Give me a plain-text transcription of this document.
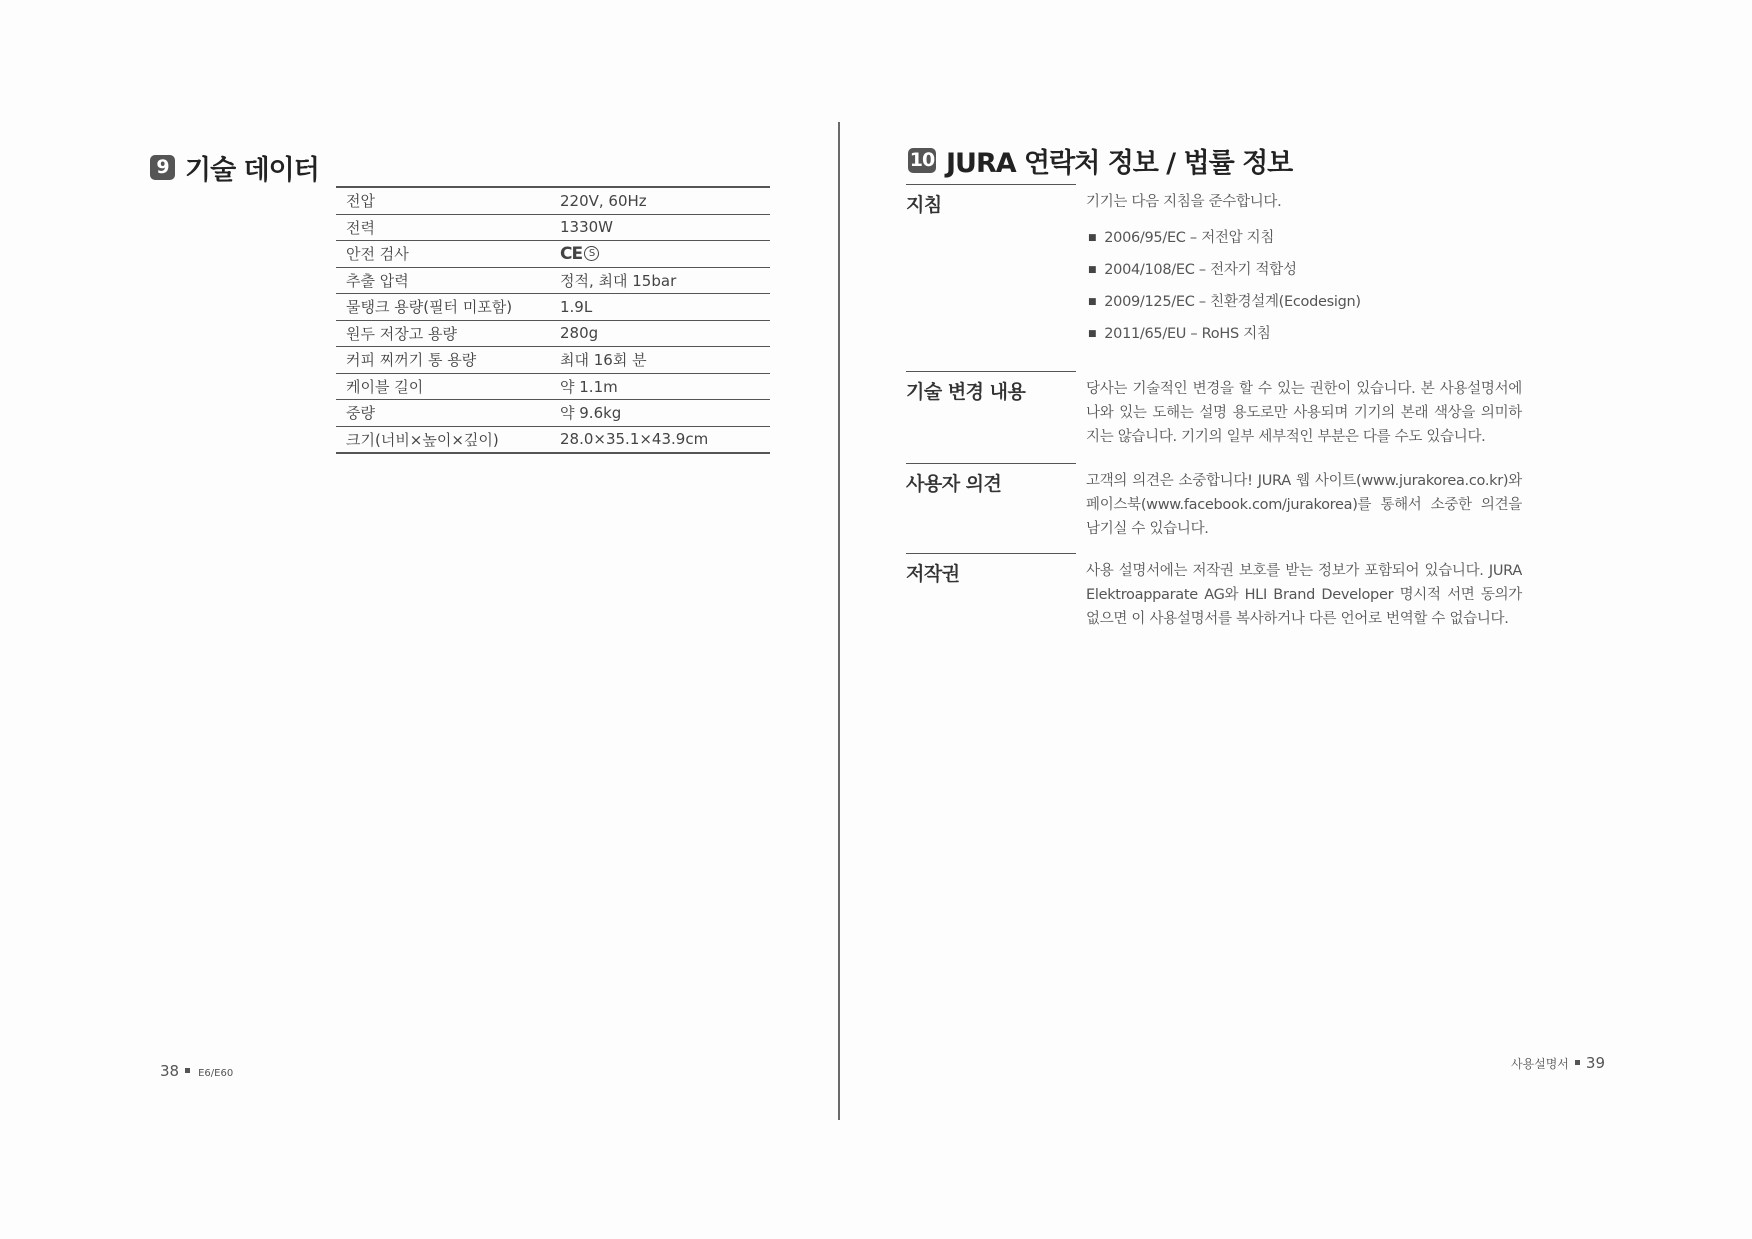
9 기술 데이터
전압	220V, 60Hz
전력	1330W
안전 검사	CE S
추출 압력	정적, 최대 15bar
물탱크 용량(필터 미포함)	1.9L
원두 저장고 용량	280g
커피 찌꺼기 통 용량	최대 16회 분
케이블 길이	약 1.1m
중량	약 9.6kg
크기(너비×높이×깊이)	28.0×35.1×43.9cm
38 E6/E60
10 JURA 연락처 정보 / 법률 정보
지침	기기는 다음 지침을 준수합니다.

■ 2006/95/EC – 저전압 지침
■ 2004/108/EC – 전자기 적합성
■ 2009/125/EC – 친환경설계(Ecodesign)
■ 2011/65/EU – RoHS 지침
기술 변경 내용	당사는 기술적인 변경을 할 수 있는 권한이 있습니다. 본 사용설명서에 나와 있는 도해는 설명 용도로만 사용되며 기기의 본래 색상을 의미하지는 않습니다. 기기의 일부 세부적인 부분은 다를 수도 있습니다.
사용자 의견	고객의 의견은 소중합니다! JURA 웹 사이트(www.jurakorea.co.kr)와 페이스북(www.facebook.com/jurakorea)를 통해서 소중한 의견을 남기실 수 있습니다.
저작권	사용 설명서에는 저작권 보호를 받는 정보가 포함되어 있습니다. JURA Elektroapparate AG와 HLI Brand Developer 명시적 서면 동의가 없으면 이 사용설명서를 복사하거나 다른 언어로 번역할 수 없습니다.
사용설명서 39
